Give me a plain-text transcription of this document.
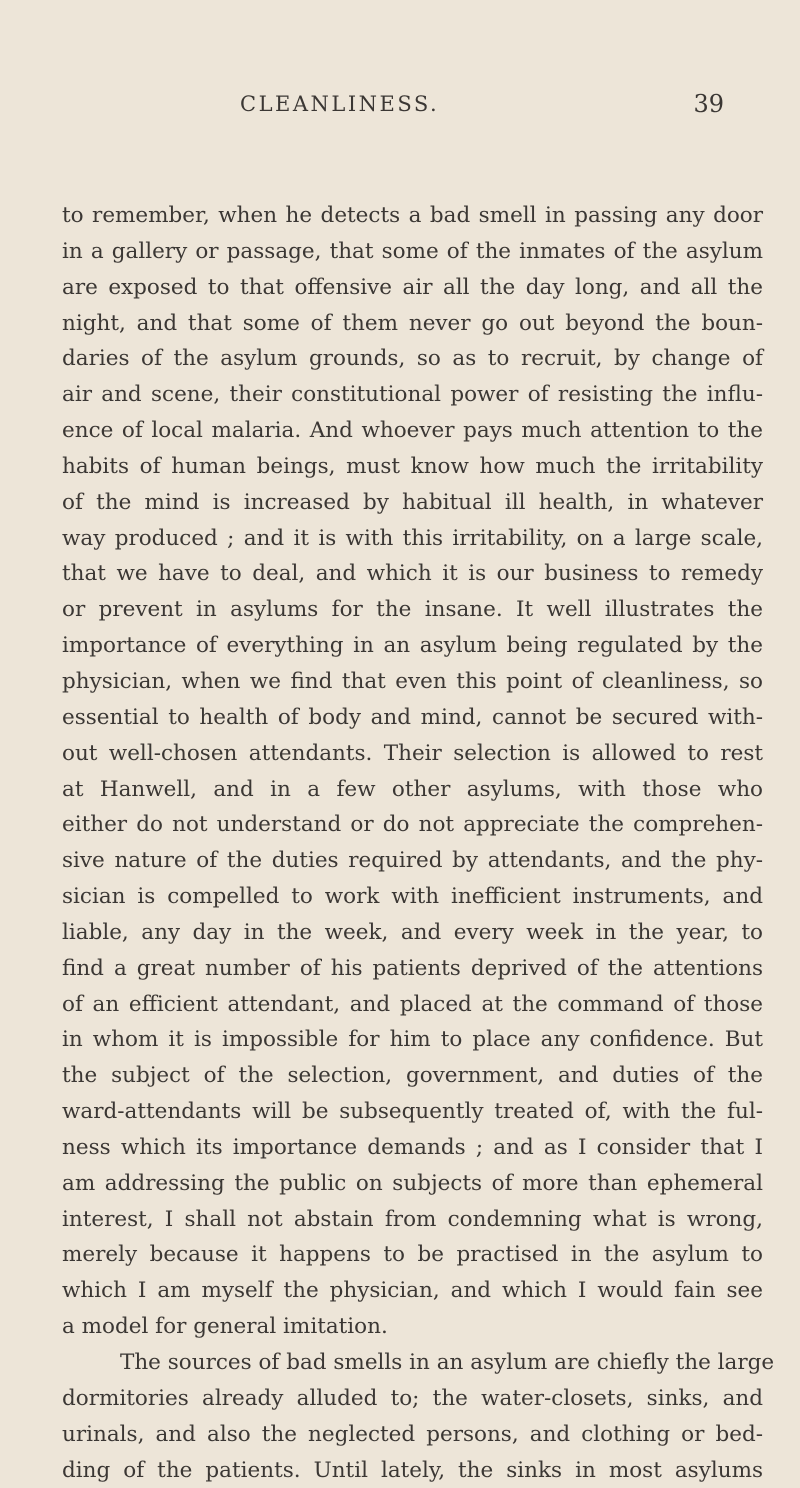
CLEANLINESS.	39
to remember, when he detects a bad smell in passing any door
in a gallery or passage, that some of the inmates of the asylum
are exposed to that offensive air all the day long, and all the
night, and that some of them never go out beyond the boun-
daries of the asylum grounds, so as to recruit, by change of
air and scene, their constitutional power of resisting the influ-
ence of local malaria. And whoever pays much attention to the
habits of human beings, must know how much the irritability
of the mind is increased by habitual ill health, in whatever
way produced ; and it is with this irritability, on a large scale,
that we have to deal, and which it is our business to remedy
or prevent in asylums for the insane. It well illustrates the
importance of everything in an asylum being regulated by the
physician, when we find that even this point of cleanliness, so
essential to health of body and mind, cannot be secured with-
out well-chosen attendants. Their selection is allowed to rest
at Hanwell, and in a few other asylums, with those who
either do not understand or do not appreciate the comprehen-
sive nature of the duties required by attendants, and the phy-
sician is compelled to work with inefficient instruments, and
liable, any day in the week, and every week in the year, to
find a great number of his patients deprived of the attentions
of an efficient attendant, and placed at the command of those
in whom it is impossible for him to place any confidence. But
the subject of the selection, government, and duties of the
ward-attendants will be subsequently treated of, with the ful-
ness which its importance demands ; and as I consider that I
am addressing the public on subjects of more than ephemeral
interest, I shall not abstain from condemning what is wrong,
merely because it happens to be practised in the asylum to
which I am myself the physician, and which I would fain see
a model for general imitation.
The sources of bad smells in an asylum are chiefly the large
dormitories already alluded to; the water-closets, sinks, and
urinals, and also the neglected persons, and clothing or bed-
ding of the patients. Until lately, the sinks in most asylums
